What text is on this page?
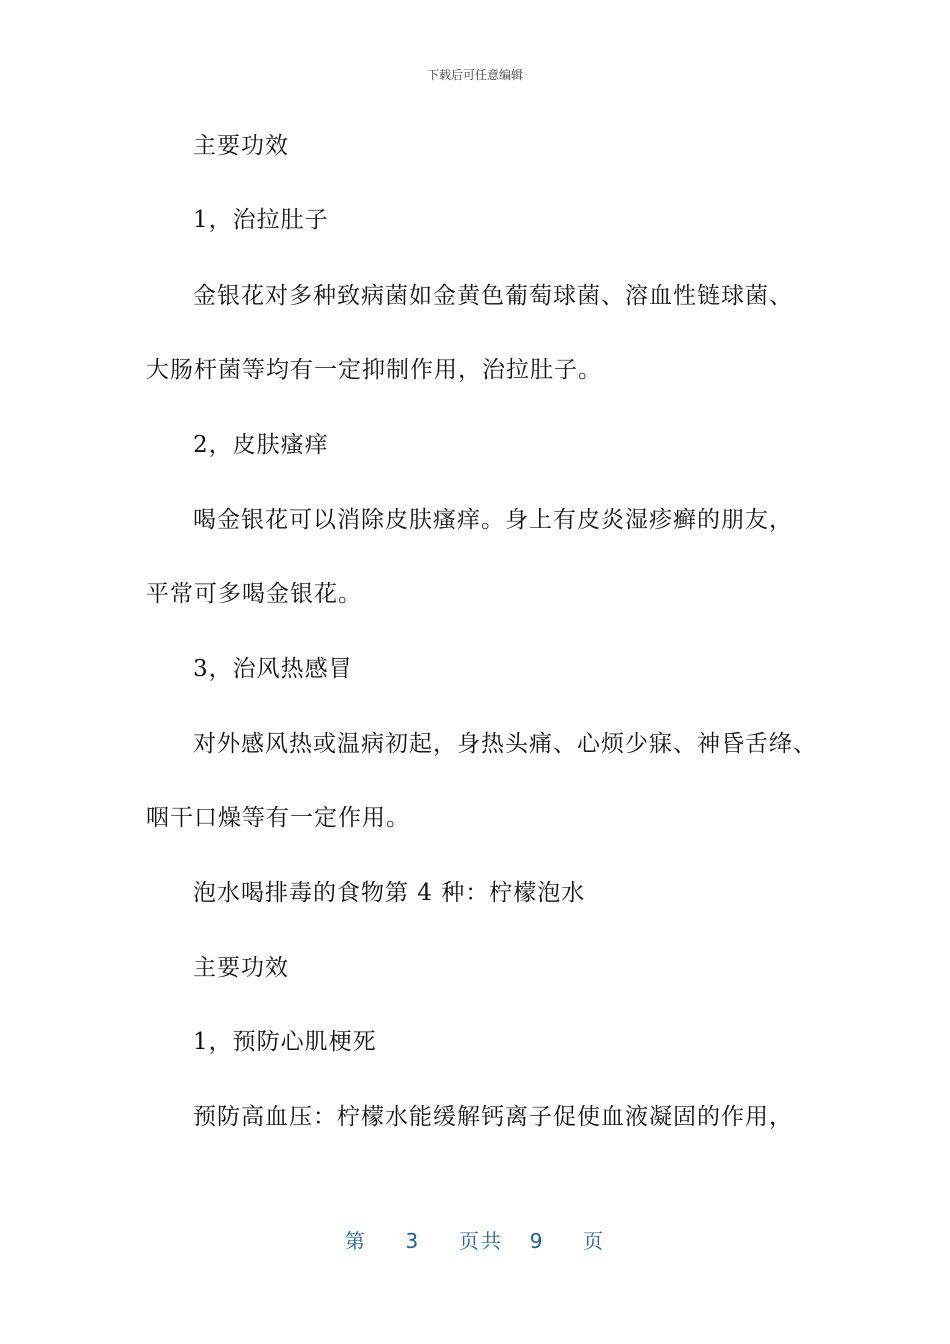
下载后可任意编辑
主要功效
1，治拉肚子
金银花对多种致病菌如金黄色葡萄球菌、溶血性链球菌、
大肠杆菌等均有一定抑制作用，治拉肚子。
2，皮肤瘙痒
喝金银花可以消除皮肤瘙痒。身上有皮炎湿疹癣的朋友，
平常可多喝金银花。
3，治风热感冒
对外感风热或温病初起，身热头痛、心烦少寐、神昏舌绛、
咽干口燥等有一定作用。
泡水喝排毒的食物第 4 种：柠檬泡水
主要功效
1，预防心肌梗死
预防高血压：柠檬水能缓解钙离子促使血液凝固的作用，
第 3 页共 9 页
